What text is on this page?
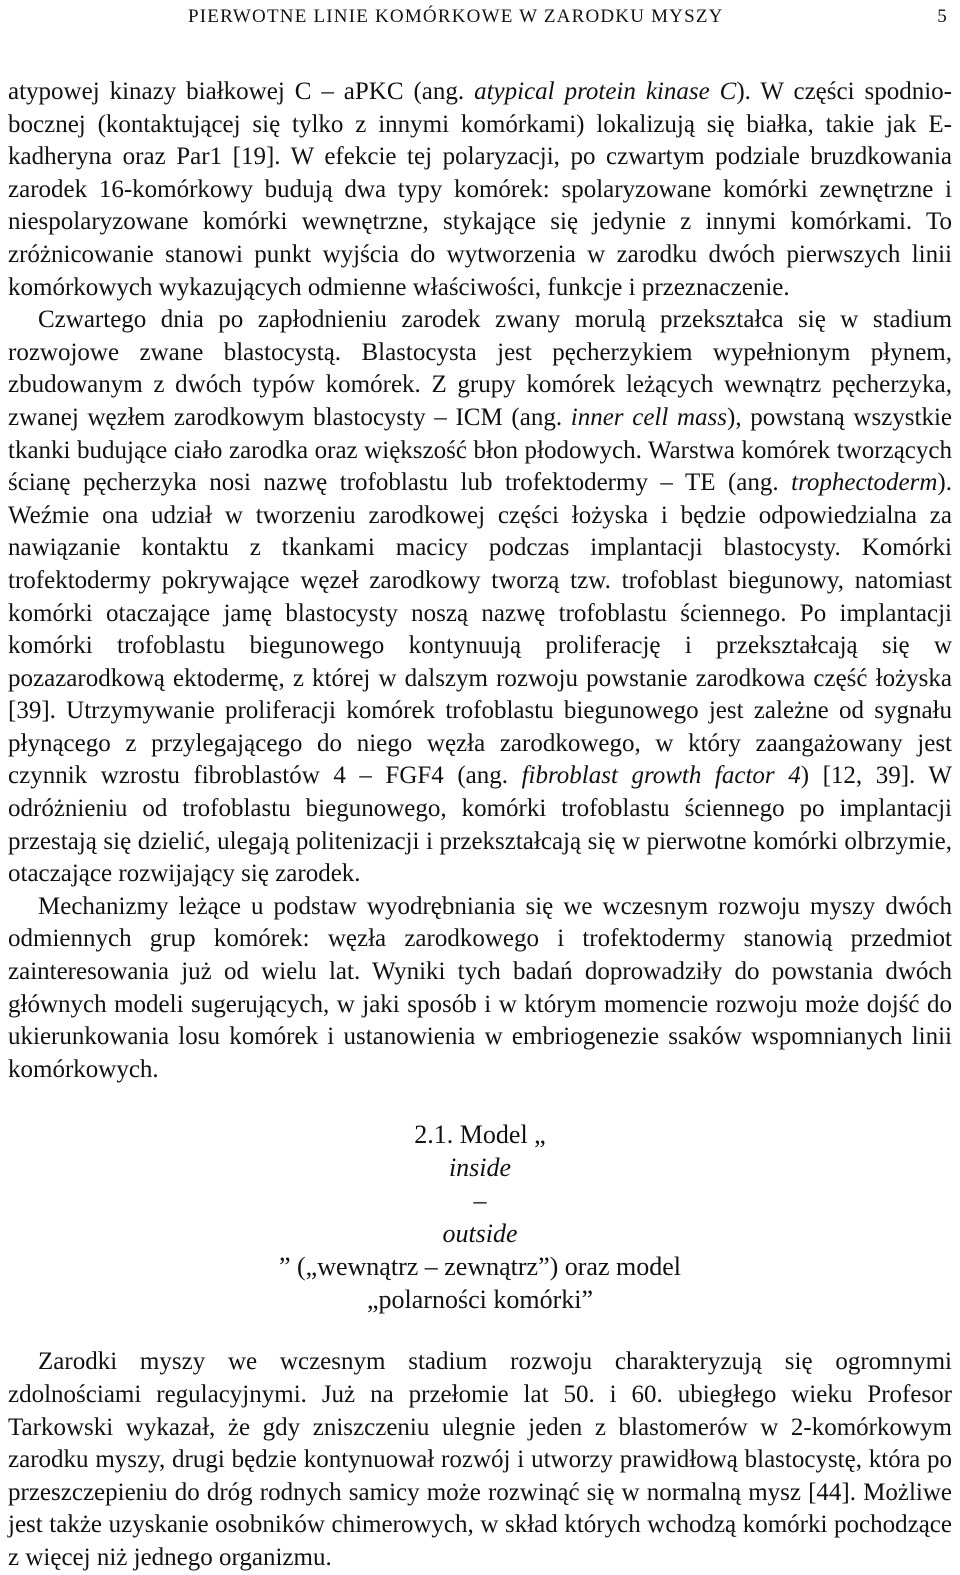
PIERWOTNE LINIE KOMÓRKOWE W ZARODKU MYSZY	5

atypowej kinazy białkowej C – aPKC (ang. atypical protein kinase C). W części spodnio-bocznej (kontaktującej się tylko z innymi komórkami) lokalizują się białka, takie jak E-kadheryna oraz Par1 [19]. W efekcie tej polaryzacji, po czwartym podziale bruzdkowania zarodek 16-komórkowy budują dwa typy komórek: spolaryzowane komórki zewnętrzne i niespolaryzowane komórki wewnętrzne, stykające się jedynie z innymi komórkami. To zróżnicowanie stanowi punkt wyjścia do wytworzenia w zarodku dwóch pierwszych linii komórkowych wykazujących odmienne właściwości, funkcje i przeznaczenie.

Czwartego dnia po zapłodnieniu zarodek zwany morulą przekształca się w stadium rozwojowe zwane blastocystą. Blastocysta jest pęcherzykiem wypełnionym płynem, zbudowanym z dwóch typów komórek. Z grupy komórek leżących wewnątrz pęcherzyka, zwanej węzłem zarodkowym blastocysty – ICM (ang. inner cell mass), powstaną wszystkie tkanki budujące ciało zarodka oraz większość błon płodowych. Warstwa komórek tworzących ścianę pęcherzyka nosi nazwę trofoblastu lub trofektodermy – TE (ang. trophectoderm). Weźmie ona udział w tworzeniu zarodkowej części łożyska i będzie odpowiedzialna za nawiązanie kontaktu z tkankami macicy podczas implantacji blastocysty. Komórki trofektodermy pokrywające węzeł zarodkowy tworzą tzw. trofoblast biegunowy, natomiast komórki otaczające jamę blastocysty noszą nazwę trofoblastu ściennego. Po implantacji komórki trofoblastu biegunowego kontynuują proliferację i przekształcają się w pozazarodkową ektodermę, z której w dalszym rozwoju powstanie zarodkowa część łożyska [39]. Utrzymywanie proliferacji komórek trofoblastu biegunowego jest zależne od sygnału płynącego z przylegającego do niego węzła zarodkowego, w który zaangażowany jest czynnik wzrostu fibroblastów 4 – FGF4 (ang. fibroblast growth factor 4) [12, 39]. W odróżnieniu od trofoblastu biegunowego, komórki trofoblastu ściennego po implantacji przestają się dzielić, ulegają politenizacji i przekształcają się w pierwotne komórki olbrzymie, otaczające rozwijający się zarodek.

Mechanizmy leżące u podstaw wyodrębniania się we wczesnym rozwoju myszy dwóch odmiennych grup komórek: węzła zarodkowego i trofektodermy stanowią przedmiot zainteresowania już od wielu lat. Wyniki tych badań doprowadziły do powstania dwóch głównych modeli sugerujących, w jaki sposób i w którym momencie rozwoju może dojść do ukierunkowania losu komórek i ustanowienia w embriogenezie ssaków wspomnianych linii komórkowych.

2.1. Model „
inside
–
outside
” („wewnątrz – zewnątrz”) oraz model
„polarności komórki”

Zarodki myszy we wczesnym stadium rozwoju charakteryzują się ogromnymi zdolnościami regulacyjnymi. Już na przełomie lat 50. i 60. ubiegłego wieku Profesor Tarkowski wykazał, że gdy zniszczeniu ulegnie jeden z blastomerów w 2-komórkowym zarodku myszy, drugi będzie kontynuował rozwój i utworzy prawidłową blastocystę, która po przeszczepieniu do dróg rodnych samicy może rozwinąć się w normalną mysz [44]. Możliwe jest także uzyskanie osobników chimerowych, w skład których wchodzą komórki pochodzące z więcej niż jednego organizmu.
